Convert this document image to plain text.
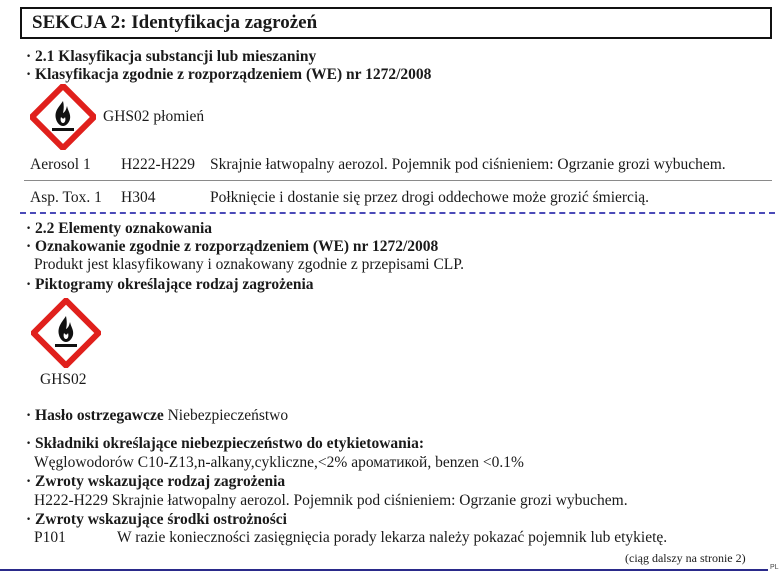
SEKCJA 2: Identyfikacja zagrożeń
· 2.1 Klasyfikacja substancji lub mieszaniny
· Klasyfikacja zgodnie z rozporządzeniem (WE) nr 1272/2008
GHS02 płomień
Aerosol 1 H222-H229 Skrajnie łatwopalny aerozol. Pojemnik pod ciśnieniem: Ogrzanie grozi wybuchem.
Asp. Tox. 1 H304	Połknięcie i dostanie się przez drogi oddechowe może grozić śmiercią.
· 2.2 Elementy oznakowania
· Oznakowanie zgodnie z rozporządzeniem (WE) nr 1272/2008
Produkt jest klasyfikowany i oznakowany zgodnie z przepisami CLP.
· Piktogramy określające rodzaj zagrożenia
GHS02
· Hasło ostrzegawcze Niebezpieczeństwo
· Składniki określające niebezpieczeństwo do etykietowania:
Węglowodorów C10-Z13,n-alkany,cykliczne,<2% ароматикой, benzen <0.1%
· Zwroty wskazujące rodzaj zagrożenia
H222-H229 Skrajnie łatwopalny aerozol. Pojemnik pod ciśnieniem: Ogrzanie grozi wybuchem.
· Zwroty wskazujące środki ostrożności
P101	W razie konieczności zasięgnięcia porady lekarza należy pokazać pojemnik lub etykietę.
(ciąg dalszy na stronie 2)
PL
